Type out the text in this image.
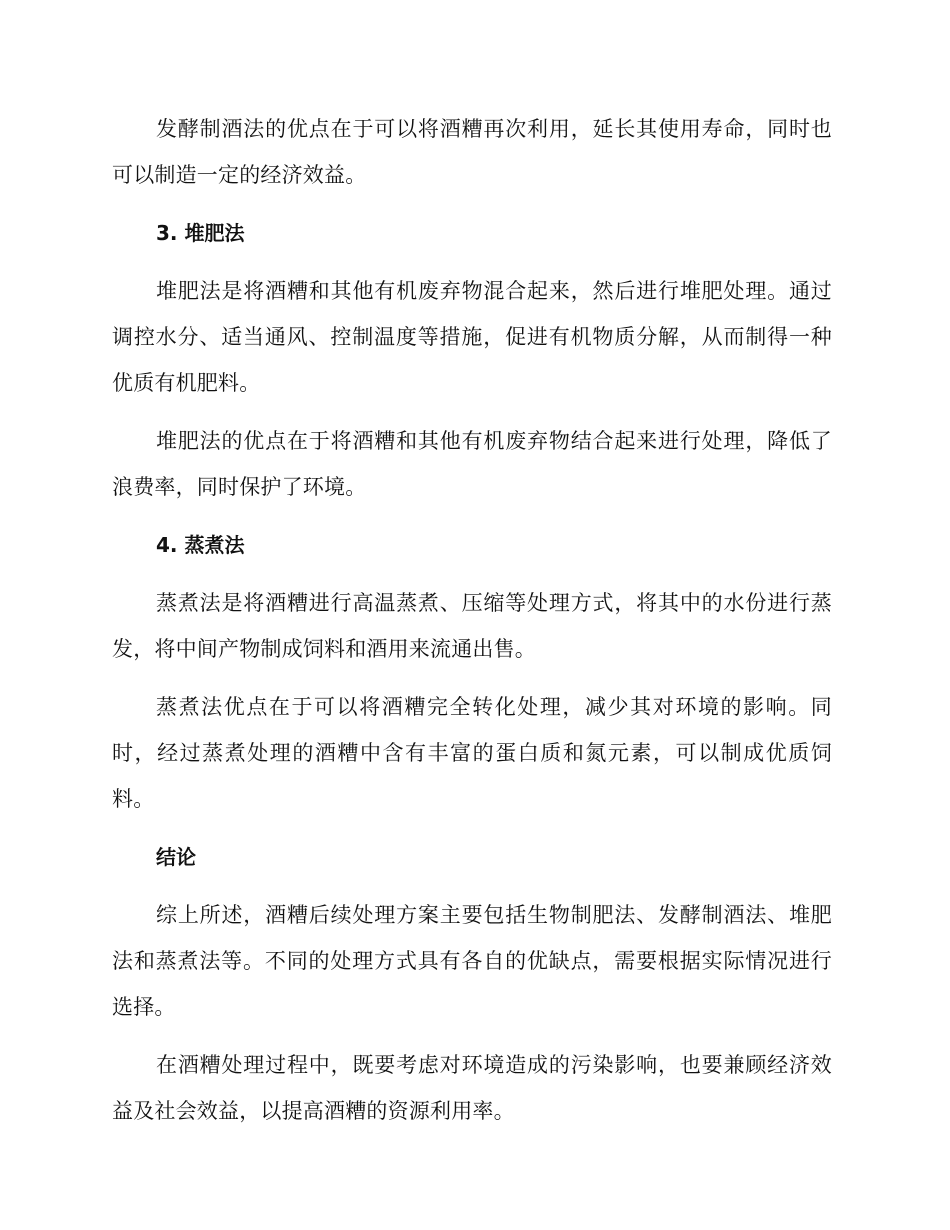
发酵制酒法的优点在于可以将酒糟再次利用，延长其使用寿命，同时也可以制造一定的经济效益。

3. 堆肥法

堆肥法是将酒糟和其他有机废弃物混合起来，然后进行堆肥处理。通过调控水分、适当通风、控制温度等措施，促进有机物质分解，从而制得一种优质有机肥料。

堆肥法的优点在于将酒糟和其他有机废弃物结合起来进行处理，降低了浪费率，同时保护了环境。

4. 蒸煮法

蒸煮法是将酒糟进行高温蒸煮、压缩等处理方式，将其中的水份进行蒸发，将中间产物制成饲料和酒用来流通出售。

蒸煮法优点在于可以将酒糟完全转化处理，减少其对环境的影响。同时，经过蒸煮处理的酒糟中含有丰富的蛋白质和氮元素，可以制成优质饲料。

结论

综上所述，酒糟后续处理方案主要包括生物制肥法、发酵制酒法、堆肥法和蒸煮法等。不同的处理方式具有各自的优缺点，需要根据实际情况进行选择。

在酒糟处理过程中，既要考虑对环境造成的污染影响，也要兼顾经济效益及社会效益，以提高酒糟的资源利用率。
